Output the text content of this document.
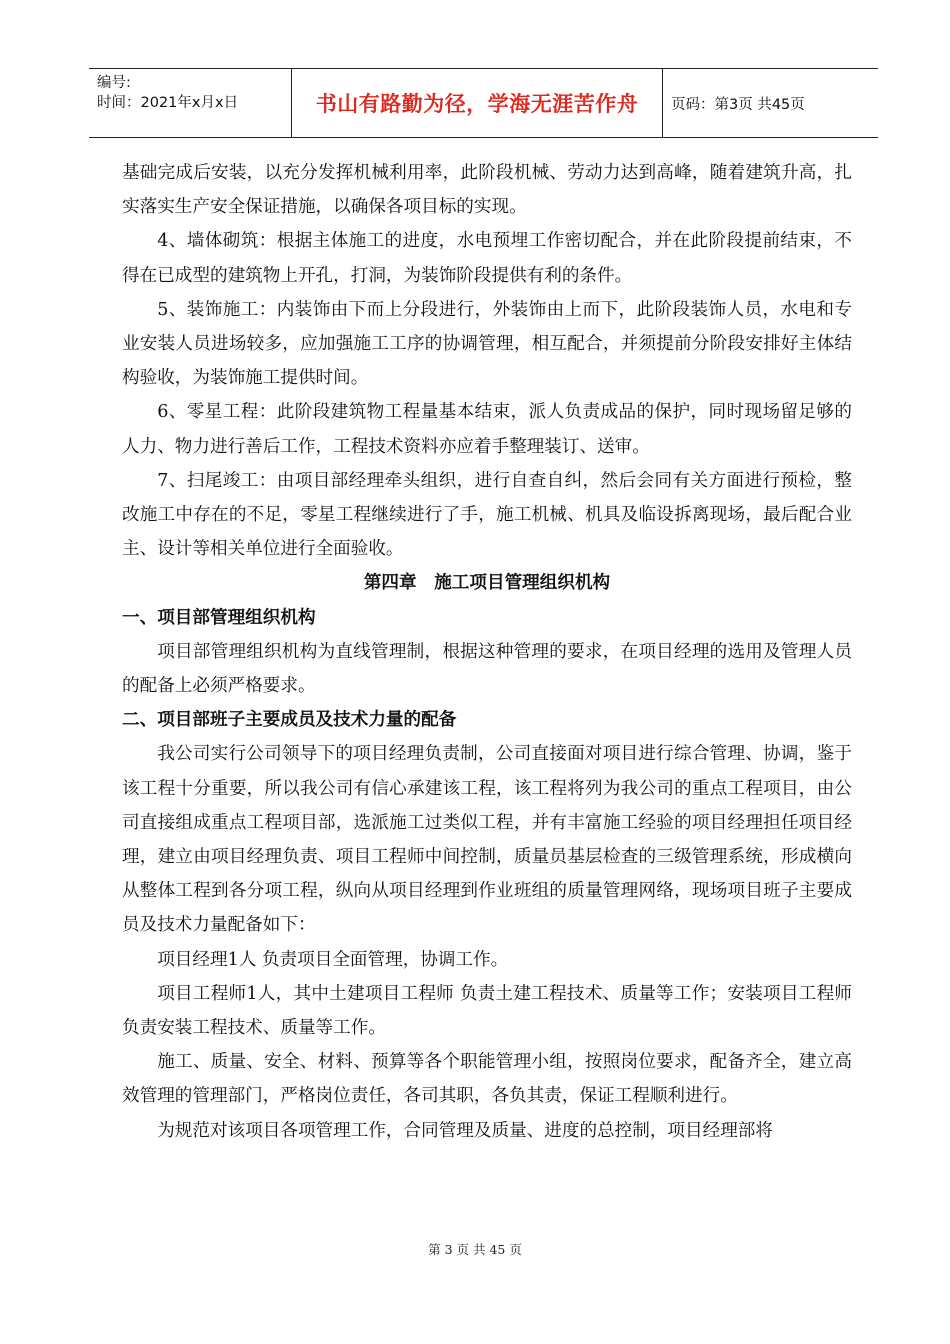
编号:
时间：2021年x月x日	书山有路勤为径，学海无涯苦作舟	页码：第3页 共45页

基础完成后安装，以充分发挥机械利用率，此阶段机械、劳动力达到高峰，随着建筑升高，扎实落实生产安全保证措施，以确保各项目标的实现。

4、墙体砌筑：根据主体施工的进度，水电预埋工作密切配合，并在此阶段提前结束，不得在已成型的建筑物上开孔，打洞，为装饰阶段提供有利的条件。

5、装饰施工：内装饰由下而上分段进行，外装饰由上而下，此阶段装饰人员，水电和专业安装人员进场较多，应加强施工工序的协调管理，相互配合，并须提前分阶段安排好主体结构验收，为装饰施工提供时间。

6、零星工程：此阶段建筑物工程量基本结束，派人负责成品的保护，同时现场留足够的人力、物力进行善后工作，工程技术资料亦应着手整理装订、送审。

7、扫尾竣工：由项目部经理牵头组织，进行自查自纠，然后会同有关方面进行预检，整改施工中存在的不足，零星工程继续进行了手，施工机械、机具及临设拆离现场，最后配合业主、设计等相关单位进行全面验收。

第四章　施工项目管理组织机构

一、项目部管理组织机构

项目部管理组织机构为直线管理制，根据这种管理的要求，在项目经理的选用及管理人员的配备上必须严格要求。

二、项目部班子主要成员及技术力量的配备

我公司实行公司领导下的项目经理负责制，公司直接面对项目进行综合管理、协调，鉴于该工程十分重要，所以我公司有信心承建该工程，该工程将列为我公司的重点工程项目，由公司直接组成重点工程项目部，选派施工过类似工程，并有丰富施工经验的项目经理担任项目经理，建立由项目经理负责、项目工程师中间控制，质量员基层检查的三级管理系统，形成横向从整体工程到各分项工程，纵向从项目经理到作业班组的质量管理网络，现场项目班子主要成员及技术力量配备如下：

项目经理1人 负责项目全面管理，协调工作。

项目工程师1人，其中土建项目工程师 负责土建工程技术、质量等工作；安装项目工程师 负责安装工程技术、质量等工作。

施工、质量、安全、材料、预算等各个职能管理小组，按照岗位要求，配备齐全，建立高效管理的管理部门，严格岗位责任，各司其职，各负其责，保证工程顺利进行。

为规范对该项目各项管理工作，合同管理及质量、进度的总控制，项目经理部将

第 3 页 共 45 页
